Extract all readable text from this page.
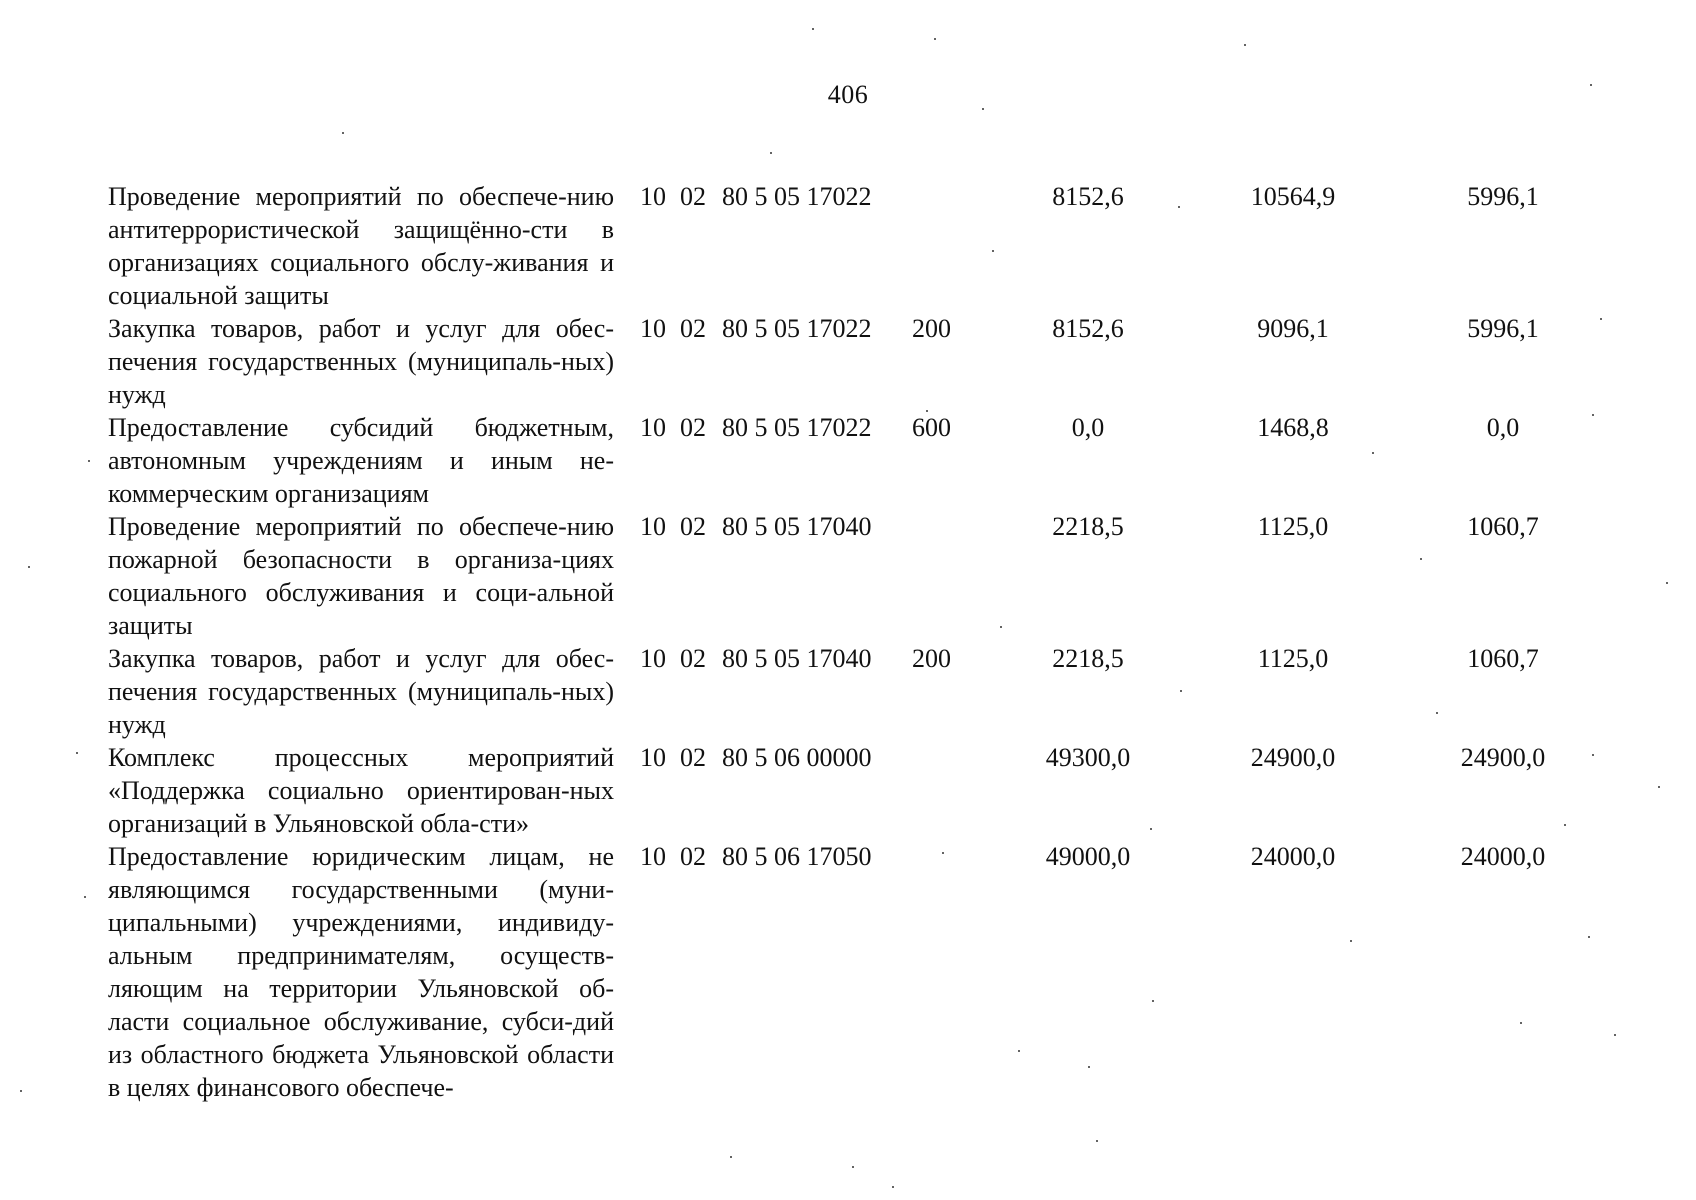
406
Проведение мероприятий по обеспече-нию антитеррористической защищённо-сти в организациях социального обслу-живания и социальной защиты	10	02	80 5 05 17022		8152,6	10564,9	5996,1
Закупка товаров, работ и услуг для обес-печения государственных (муниципаль-ных) нужд	10	02	80 5 05 17022	200	8152,6	9096,1	5996,1
Предоставление субсидий бюджетным, автономным учреждениям и иным не-коммерческим организациям	10	02	80 5 05 17022	600	0,0	1468,8	0,0
Проведение мероприятий по обеспече-нию пожарной безопасности в организа-циях социального обслуживания и соци-альной защиты	10	02	80 5 05 17040		2218,5	1125,0	1060,7
Закупка товаров, работ и услуг для обес-печения государственных (муниципаль-ных) нужд	10	02	80 5 05 17040	200	2218,5	1125,0	1060,7
Комплекс процессных мероприятий «Поддержка социально ориентирован-ных организаций в Ульяновской обла-сти»	10	02	80 5 06 00000		49300,0	24900,0	24900,0
Предоставление юридическим лицам, не являющимся государственными (муни-ципальными) учреждениями, индивиду-альным предпринимателям, осуществ-ляющим на территории Ульяновской об-ласти социальное обслуживание, субси-дий из областного бюджета Ульяновской области в целях финансового обеспече-	10	02	80 5 06 17050		49000,0	24000,0	24000,0
